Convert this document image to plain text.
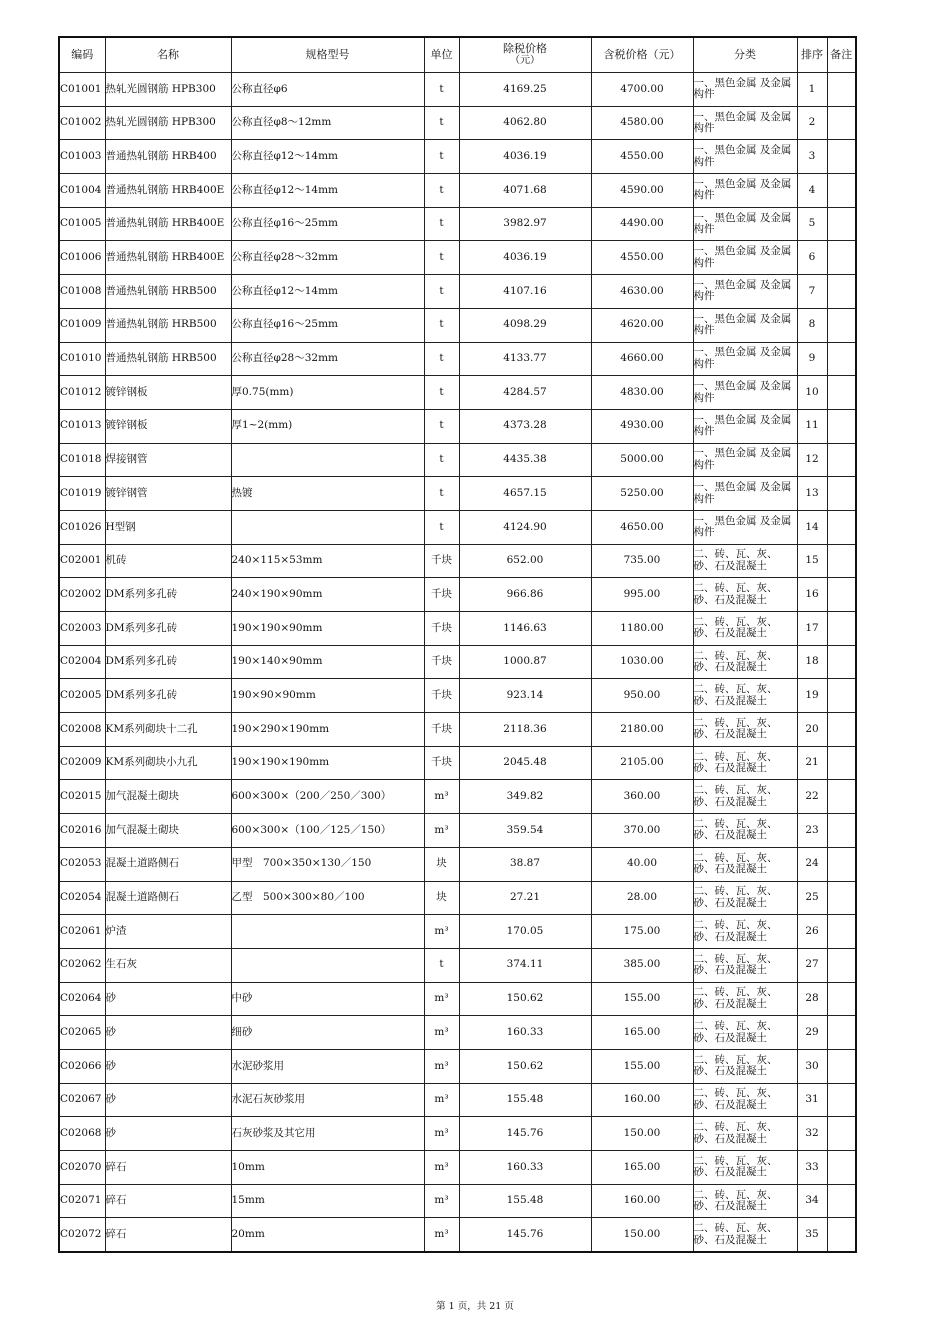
编码	名称	规格型号	单位	除税价格
（元）	含税价格（元）	分类	排序	备注
C01001	热轧光圆钢筋 HPB300	公称直径φ6	t	4169.25	4700.00	一、黑色金属 及金属构件	1	
C01002	热轧光圆钢筋 HPB300	公称直径φ8～12mm	t	4062.80	4580.00	一、黑色金属 及金属构件	2	
C01003	普通热轧钢筋 HRB400	公称直径φ12～14mm	t	4036.19	4550.00	一、黑色金属 及金属构件	3	
C01004	普通热轧钢筋 HRB400E	公称直径φ12～14mm	t	4071.68	4590.00	一、黑色金属 及金属构件	4	
C01005	普通热轧钢筋 HRB400E	公称直径φ16～25mm	t	3982.97	4490.00	一、黑色金属 及金属构件	5	
C01006	普通热轧钢筋 HRB400E	公称直径φ28～32mm	t	4036.19	4550.00	一、黑色金属 及金属构件	6	
C01008	普通热轧钢筋 HRB500	公称直径φ12～14mm	t	4107.16	4630.00	一、黑色金属 及金属构件	7	
C01009	普通热轧钢筋 HRB500	公称直径φ16～25mm	t	4098.29	4620.00	一、黑色金属 及金属构件	8	
C01010	普通热轧钢筋 HRB500	公称直径φ28～32mm	t	4133.77	4660.00	一、黑色金属 及金属构件	9	
C01012	镀锌钢板	厚0.75(mm)	t	4284.57	4830.00	一、黑色金属 及金属构件	10	
C01013	镀锌钢板	厚1~2(mm)	t	4373.28	4930.00	一、黑色金属 及金属构件	11	
C01018	焊接钢管		t	4435.38	5000.00	一、黑色金属 及金属构件	12	
C01019	镀锌钢管	热镀	t	4657.15	5250.00	一、黑色金属 及金属构件	13	
C01026	H型钢		t	4124.90	4650.00	一、黑色金属 及金属构件	14	
C02001	机砖	240×115×53mm	千块	652.00	735.00	二、砖、瓦、灰、 砂、石及混凝土	15	
C02002	DM系列多孔砖	240×190×90mm	千块	966.86	995.00	二、砖、瓦、灰、 砂、石及混凝土	16	
C02003	DM系列多孔砖	190×190×90mm	千块	1146.63	1180.00	二、砖、瓦、灰、 砂、石及混凝土	17	
C02004	DM系列多孔砖	190×140×90mm	千块	1000.87	1030.00	二、砖、瓦、灰、 砂、石及混凝土	18	
C02005	DM系列多孔砖	190×90×90mm	千块	923.14	950.00	二、砖、瓦、灰、 砂、石及混凝土	19	
C02008	KM系列砌块十二孔	190×290×190mm	千块	2118.36	2180.00	二、砖、瓦、灰、 砂、石及混凝土	20	
C02009	KM系列砌块小九孔	190×190×190mm	千块	2045.48	2105.00	二、砖、瓦、灰、 砂、石及混凝土	21	
C02015	加气混凝土砌块	600×300×（200／250／300）	m³	349.82	360.00	二、砖、瓦、灰、 砂、石及混凝土	22	
C02016	加气混凝土砌块	600×300×（100／125／150）	m³	359.54	370.00	二、砖、瓦、灰、 砂、石及混凝土	23	
C02053	混凝土道路侧石	甲型　700×350×130／150	块	38.87	40.00	二、砖、瓦、灰、 砂、石及混凝土	24	
C02054	混凝土道路侧石	乙型　500×300×80／100	块	27.21	28.00	二、砖、瓦、灰、 砂、石及混凝土	25	
C02061	炉渣		m³	170.05	175.00	二、砖、瓦、灰、 砂、石及混凝土	26	
C02062	生石灰		t	374.11	385.00	二、砖、瓦、灰、 砂、石及混凝土	27	
C02064	砂	中砂	m³	150.62	155.00	二、砖、瓦、灰、 砂、石及混凝土	28	
C02065	砂	细砂	m³	160.33	165.00	二、砖、瓦、灰、 砂、石及混凝土	29	
C02066	砂	水泥砂浆用	m³	150.62	155.00	二、砖、瓦、灰、 砂、石及混凝土	30	
C02067	砂	水泥石灰砂浆用	m³	155.48	160.00	二、砖、瓦、灰、 砂、石及混凝土	31	
C02068	砂	石灰砂浆及其它用	m³	145.76	150.00	二、砖、瓦、灰、 砂、石及混凝土	32	
C02070	碎石	10mm	m³	160.33	165.00	二、砖、瓦、灰、 砂、石及混凝土	33	
C02071	碎石	15mm	m³	155.48	160.00	二、砖、瓦、灰、 砂、石及混凝土	34	
C02072	碎石	20mm	m³	145.76	150.00	二、砖、瓦、灰、 砂、石及混凝土	35	
第 1 页，共 21 页
